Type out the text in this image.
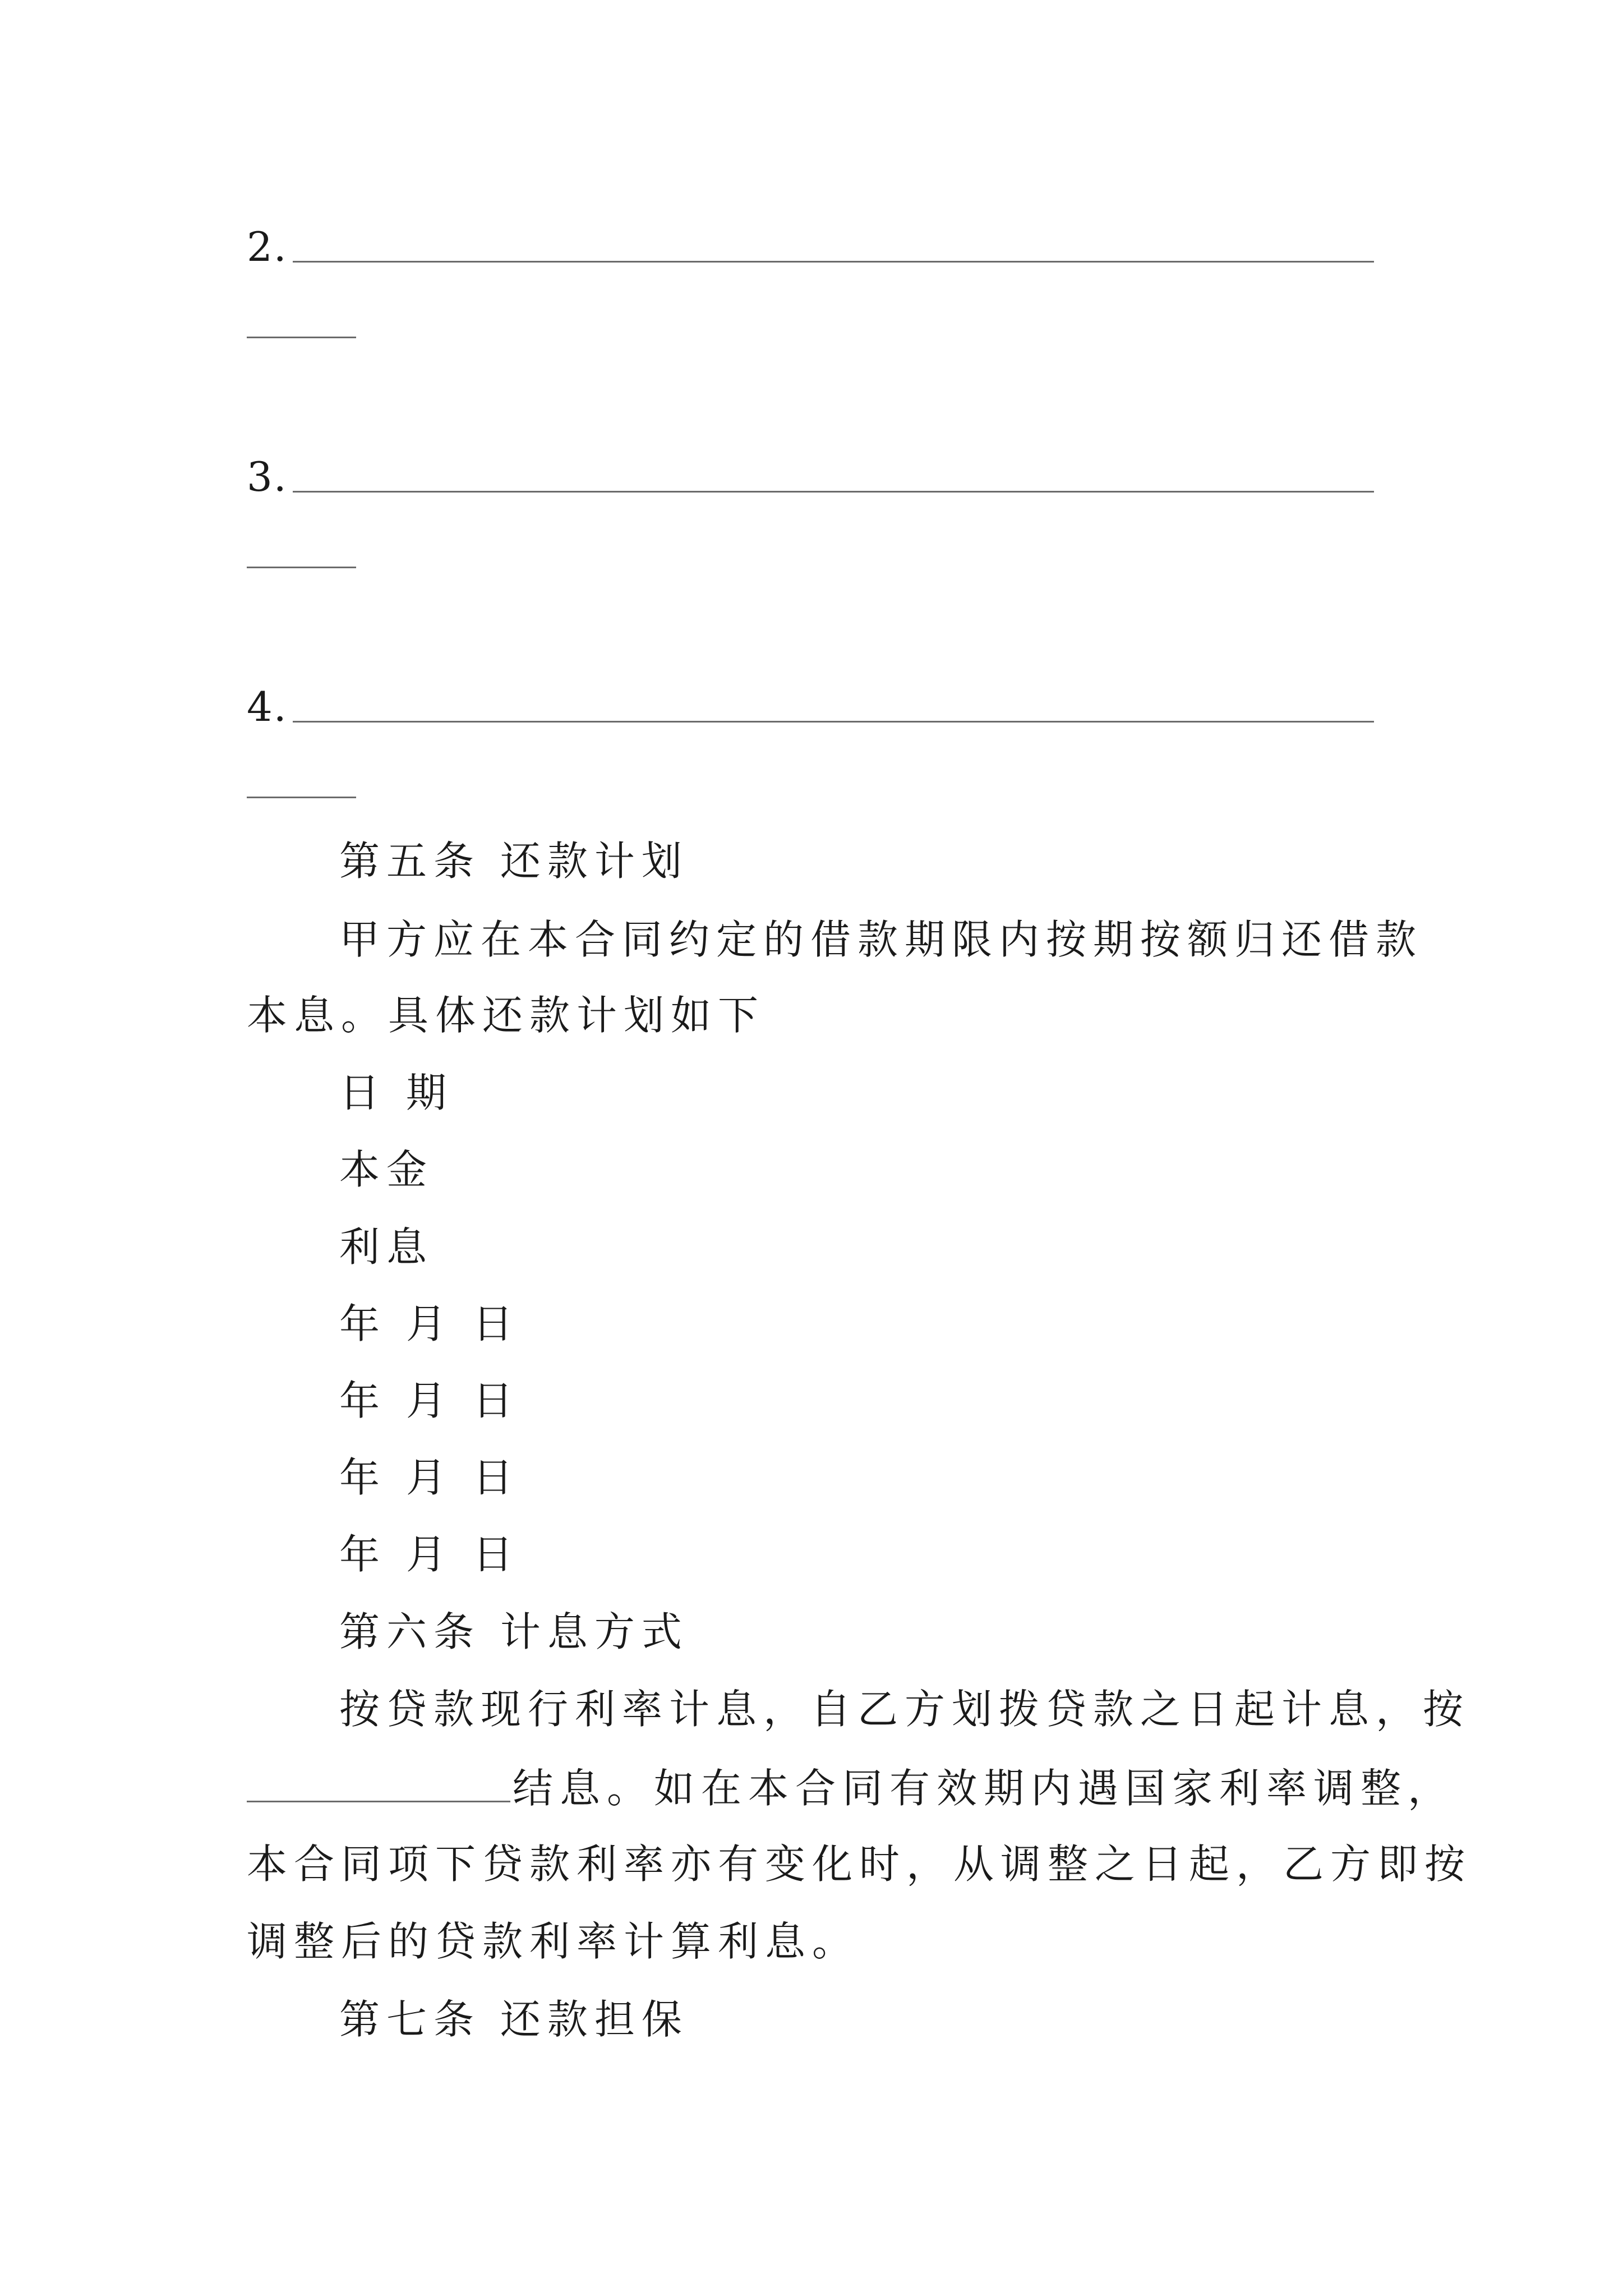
2.
3.
4.
第五条 还款计划
甲方应在本合同约定的借款期限内按期按额归还借款
本息。具体还款计划如下
日 期
本金
利息
年 月 日
年 月 日
年 月 日
年 月 日
第六条 计息方式
按贷款现行利率计息，自乙方划拨贷款之日起计息，按
结息。如在本合同有效期内遇国家利率调整，
本合同项下贷款利率亦有变化时，从调整之日起，乙方即按
调整后的贷款利率计算利息。
第七条 还款担保
